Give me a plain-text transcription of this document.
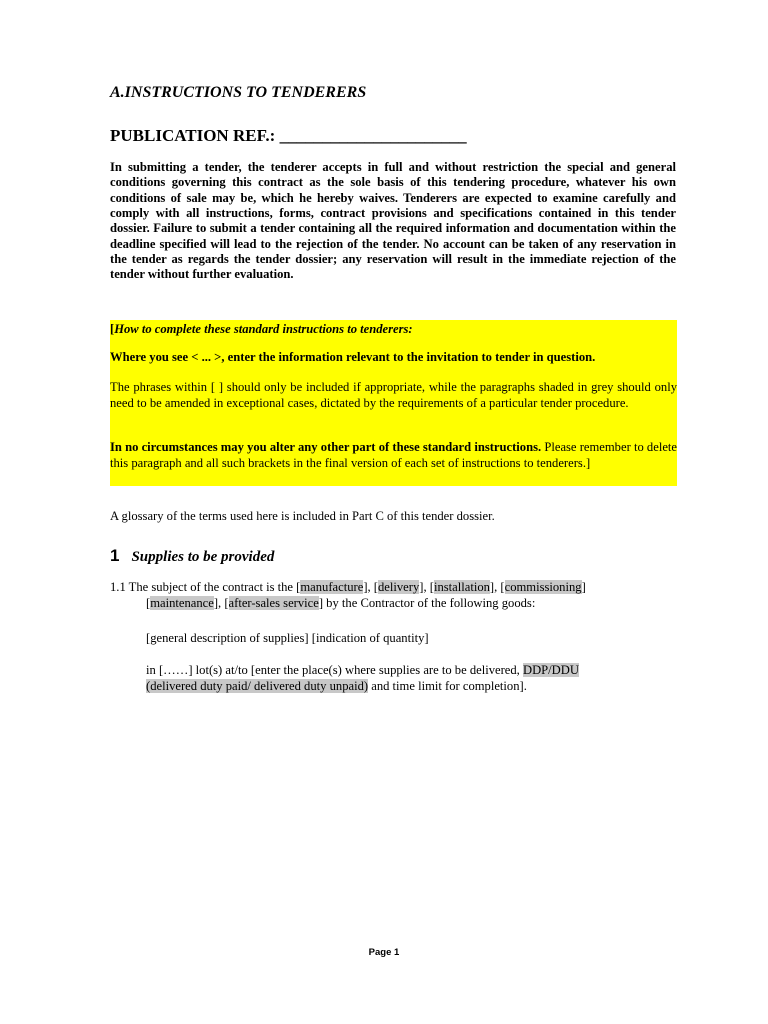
A.INSTRUCTIONS TO TENDERERS
PUBLICATION REF.: ______________________

In submitting a tender, the tenderer accepts in full and without restriction the special and general conditions governing this contract as the sole basis of this tendering procedure, whatever his own conditions of sale may be, which he hereby waives. Tenderers are expected to examine carefully and comply with all instructions, forms, contract provisions and specifications contained in this tender dossier. Failure to submit a tender containing all the required information and documentation within the deadline specified will lead to the rejection of the tender. No account can be taken of any reservation in the tender as regards the tender dossier; any reservation will result in the immediate rejection of the tender without further evaluation.

[How to complete these standard instructions to tenderers:

Where you see < ... >, enter the information relevant to the invitation to tender in question.

The phrases within [ ] should only be included if appropriate, while the paragraphs shaded in grey should only need to be amended in exceptional cases, dictated by the requirements of a particular tender procedure.

In no circumstances may you alter any other part of these standard instructions. Please remember to delete this paragraph and all such brackets in the final version of each set of instructions to tenderers.]

A glossary of the terms used here is included in Part C of this tender dossier.

1 Supplies to be provided

1.1 The subject of the contract is the [manufacture], [delivery], [installation], [commissioning]
[maintenance], [after-sales service] by the Contractor of the following goods:

[general description of supplies] [indication of quantity]

in [……] lot(s) at/to [enter the place(s) where supplies are to be delivered, DDP/DDU
(delivered duty paid/ delivered duty unpaid) and time limit for completion].

Page 1
